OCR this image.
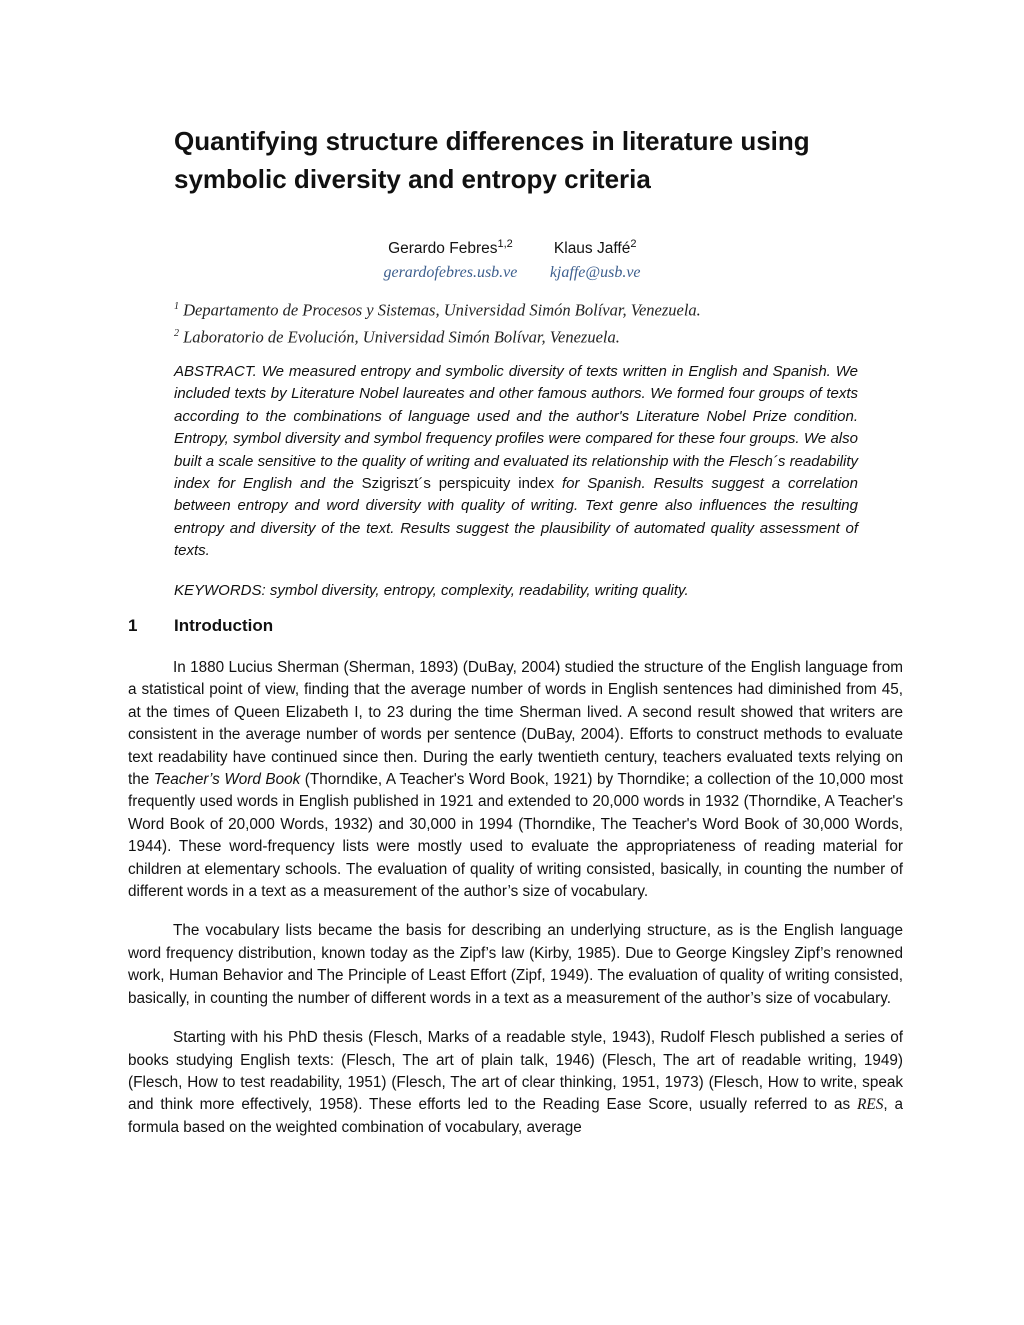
Quantifying structure differences in literature using symbolic diversity and entropy criteria
Gerardo Febres$^{1,2}$
gerardofebres.usb.ve

Klaus Jaffé$^2$
kjaffe@usb.ve
$^1$ Departamento de Procesos y Sistemas, Universidad Simón Bolívar, Venezuela.
$^2$ Laboratorio de Evolución, Universidad Simón Bolívar, Venezuela.

ABSTRACT. We measured entropy and symbolic diversity of texts written in English and Spanish. We included texts by Literature Nobel laureates and other famous authors. We formed four groups of texts according to the combinations of language used and the author's Literature Nobel Prize condition. Entropy, symbol diversity and symbol frequency profiles were compared for these four groups. We also built a scale sensitive to the quality of writing and evaluated its relationship with the Flesch´s readability index for English and the Szigriszt´s perspicuity index for Spanish. Results suggest a correlation between entropy and word diversity with quality of writing. Text genre also influences the resulting entropy and diversity of the text. Results suggest the plausibility of automated quality assessment of texts.

KEYWORDS: symbol diversity, entropy, complexity, readability, writing quality.

1 Introduction

In 1880 Lucius Sherman (Sherman, 1893) (DuBay, 2004) studied the structure of the English language from a statistical point of view, finding that the average number of words in English sentences had diminished from 45, at the times of Queen Elizabeth I, to 23 during the time Sherman lived. A second result showed that writers are consistent in the average number of words per sentence (DuBay, 2004). Efforts to construct methods to evaluate text readability have continued since then. During the early twentieth century, teachers evaluated texts relying on the Teacher’s Word Book (Thorndike, A Teacher's Word Book, 1921) by Thorndike; a collection of the 10,000 most frequently used words in English published in 1921 and extended to 20,000 words in 1932 (Thorndike, A Teacher's Word Book of 20,000 Words, 1932) and 30,000 in 1994 (Thorndike, The Teacher's Word Book of 30,000 Words, 1944). These word-frequency lists were mostly used to evaluate the appropriateness of reading material for children at elementary schools. The evaluation of quality of writing consisted, basically, in counting the number of different words in a text as a measurement of the author’s size of vocabulary.

The vocabulary lists became the basis for describing an underlying structure, as is the English language word frequency distribution, known today as the Zipf’s law (Kirby, 1985). Due to George Kingsley Zipf’s renowned work, Human Behavior and The Principle of Least Effort (Zipf, 1949). The evaluation of quality of writing consisted, basically, in counting the number of different words in a text as a measurement of the author’s size of vocabulary.

Starting with his PhD thesis (Flesch, Marks of a readable style, 1943), Rudolf Flesch published a series of books studying English texts: (Flesch, The art of plain talk, 1946) (Flesch, The art of readable writing, 1949) (Flesch, How to test readability, 1951) (Flesch, The art of clear thinking, 1951, 1973) (Flesch, How to write, speak and think more effectively, 1958). These efforts led to the Reading Ease Score, usually referred to as RES, a formula based on the weighted combination of vocabulary, average
